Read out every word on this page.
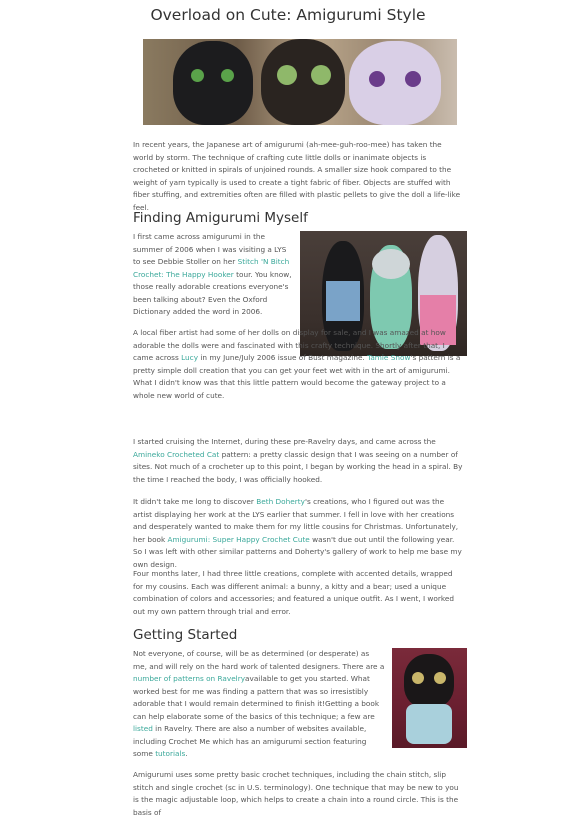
Overload on Cute: Amigurumi Style

In recent years, the Japanese art of amigurumi (ah-mee-guh-roo-mee) has taken the world by storm. The technique of crafting cute little dolls or inanimate objects is crocheted or knitted in spirals of unjoined rounds. A smaller size hook compared to the weight of yarn typically is used to create a tight fabric of fiber. Objects are stuffed with fiber stuffing, and extremities often are filled with plastic pellets to give the doll a life-like feel.

Finding Amigurumi Myself

I first came across amigurumi in the summer of 2006 when I was visiting a LYS to see Debbie Stoller on her Stitch 'N Bitch Crochet: The Happy Hooker tour. You know, those really adorable creations everyone's been talking about? Even the Oxford Dictionary added the word in 2006.

A local fiber artist had some of her dolls on display for sale, and I was amazed at how adorable the dolls were and fascinated with this crafty technique. Shortly after that, I came across Lucy in my June/July 2006 issue of Bust magazine. Tamie Snow's pattern is a pretty simple doll creation that you can get your feet wet with in the art of amigurumi. What I didn't know was that this little pattern would become the gateway project to a whole new world of cute.

I started cruising the Internet, during these pre-Ravelry days, and came across the Amineko Crocheted Cat pattern: a pretty classic design that I was seeing on a number of sites. Not much of a crocheter up to this point, I began by working the head in a spiral. By the time I reached the body, I was officially hooked.

It didn't take me long to discover Beth Doherty's creations, who I figured out was the artist displaying her work at the LYS earlier that summer. I fell in love with her creations and desperately wanted to make them for my little cousins for Christmas. Unfortunately, her book Amigurumi: Super Happy Crochet Cute wasn't due out until the following year. So I was left with other similar patterns and Doherty's gallery of work to help me base my own design.

Four months later, I had three little creations, complete with accented details, wrapped for my cousins. Each was different animal: a bunny, a kitty and a bear; used a unique combination of colors and accessories; and featured a unique outfit. As I went, I worked out my own pattern through trial and error.

Getting Started

Not everyone, of course, will be as determined (or desperate) as me, and will rely on the hard work of talented designers. There are a number of patterns on Ravelryavailable to get you started. What worked best for me was finding a pattern that was so irresistibly adorable that I would remain determined to finish it!Getting a book can help elaborate some of the basics of this technique; a few are listed in Ravelry. There are also a number of websites available, including Crochet Me which has an amigurumi section featuring some tutorials.

Amigurumi uses some pretty basic crochet techniques, including the chain stitch, slip stitch and single crochet (sc in U.S. terminology). One technique that may be new to you is the magic adjustable loop, which helps to create a chain into a round circle. This is the basis of
